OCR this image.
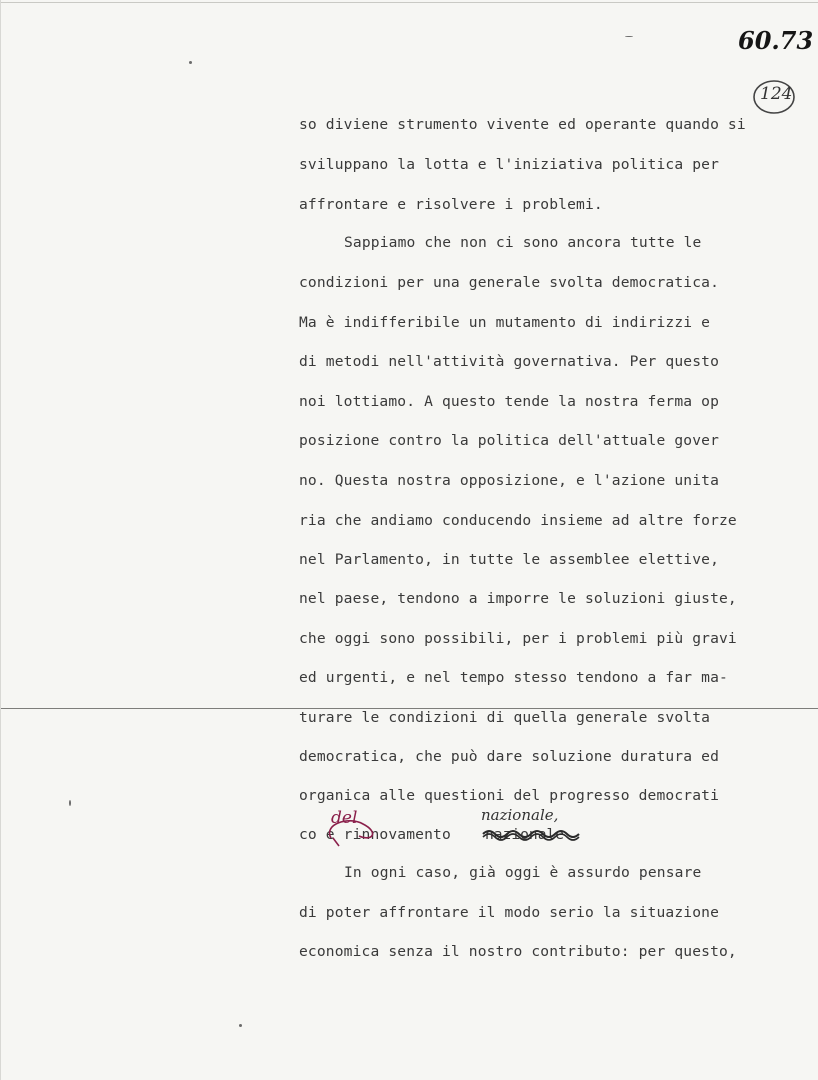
60.73
124

so diviene strumento vivente ed operante quando si

sviluppano la lotta e l'iniziativa politica per

affrontare e risolvere i problemi.

Sappiamo che non ci sono ancora tutte le

condizioni per una generale svolta democratica.

Ma è indifferibile un mutamento di indirizzi e

di metodi nell'attività governativa. Per questo

noi lottiamo. A questo tende la nostra ferma op

posizione contro la politica dell'attuale gover

no. Questa nostra opposizione, e l'azione unita

ria che andiamo conducendo insieme ad altre forze

nel Parlamento, in tutte le assemblee elettive,

nel paese, tendono a imporre le soluzioni giuste,

che oggi sono possibili, per i problemi più gravi

ed urgenti, e nel tempo stesso tendono a far ma-

turare le condizioni di quella generale svolta

democratica, che può dare soluzione duratura ed

organica alle questioni del progresso democrati

co e rinnovamento

del	nazionale,

nazionale

In ogni caso, già oggi è assurdo pensare

di poter affrontare il modo serio la situazione

economica senza il nostro contributo: per questo,
